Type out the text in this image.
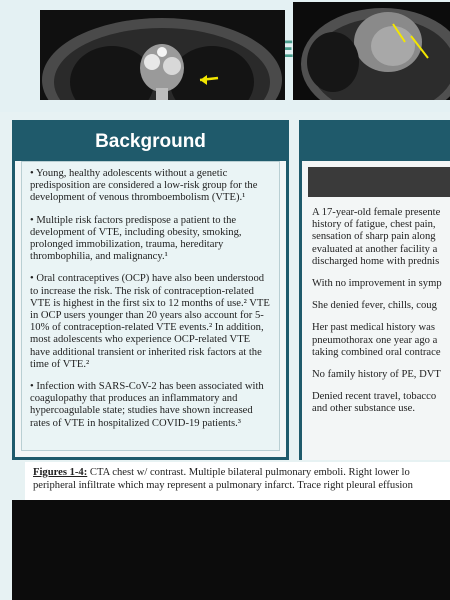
Background

• Young, healthy adolescents without a genetic predisposition are considered a low-risk group for the development of venous thromboembolism (VTE).¹

• Multiple risk factors predispose a patient to the development of VTE, including obesity, smoking, prolonged immobilization, trauma, hereditary thrombophilia, and malignancy.¹

• Oral contraceptives (OCP) have also been understood to increase the risk. The risk of contraception-related VTE is highest in the first six to 12 months of use.² VTE in OCP users younger than 20 years also account for 5-10% of contraception-related VTE events.² In addition, most adolescents who experience OCP-related VTE have additional transient or inherited risk factors at the time of VTE.²

• Infection with SARS-CoV-2 has been associated with coagulopathy that produces an inflammatory and hypercoagulable state; studies have shown increased rates of VTE in hospitalized COVID-19 patients.³

A 17-year-old female presente
history of fatigue, chest pain,
sensation of sharp pain along
evaluated at another facility a
discharged home with prednis

With no improvement in symp

She denied fever, chills, coug

Her past medical history was
pneumothorax one year ago a
taking combined oral contrace

No family history of PE, DVT

Denied recent travel, tobacco
and other substance use.

Figures 1-4: CTA chest w/ contrast. Multiple bilateral pulmonary emboli. Right lower lo
peripheral infiltrate which may represent a pulmonary infarct. Trace right pleural effusion
